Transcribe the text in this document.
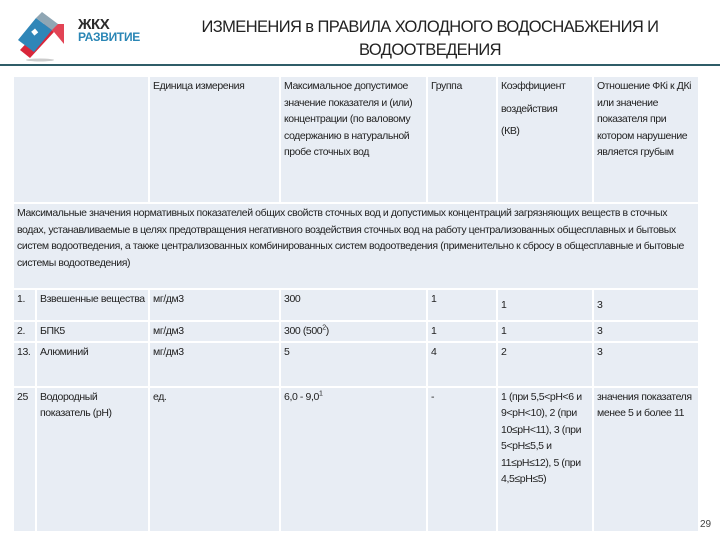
ЖКХ
РАЗВИТИЕ
ИЗМЕНЕНИЯ в ПРАВИЛА ХОЛОДНОГО ВОДОСНАБЖЕНИЯ И
ВОДООТВЕДЕНИЯ
		Единица измерения	Максимальное допустимое значение показателя и (или) концентрации (по валовому содержанию в натуральной пробе сточных вод	Группа	Коэффициент
воздействия
(КВ)	Отношение ФКi к ДКi или значение показателя при котором нарушение является грубым
Максимальные значения нормативных показателей общих свойств сточных вод и допустимых концентраций загрязняющих веществ в сточных водах, устанавливаемые в целях предотвращения негативного воздействия сточных вод на работу централизованных общесплавных и бытовых систем водоотведения, а также централизованных комбинированных систем водоотведения (применительно к сбросу в общесплавные и бытовые системы водоотведения)						
1.	Взвешенные вещества	мг/дм3	300	1	1	3
2.	БПК5	мг/дм3	300 $(500^2)$	1	1	3
13.	Алюминий	мг/дм3	5	4	2	3
25	Водородный показатель (pH)	ед.	$6,0 - 9,0^1$	-	1 (при 5,5<pH<6 и 9<pH<10), 2 (при 10≤pH<11), 3 (при 5<pH≤5,5 и 11≤pH≤12), 5 (при 4,5≤pH≤5)	значения показателя менее 5 и более 11
29
